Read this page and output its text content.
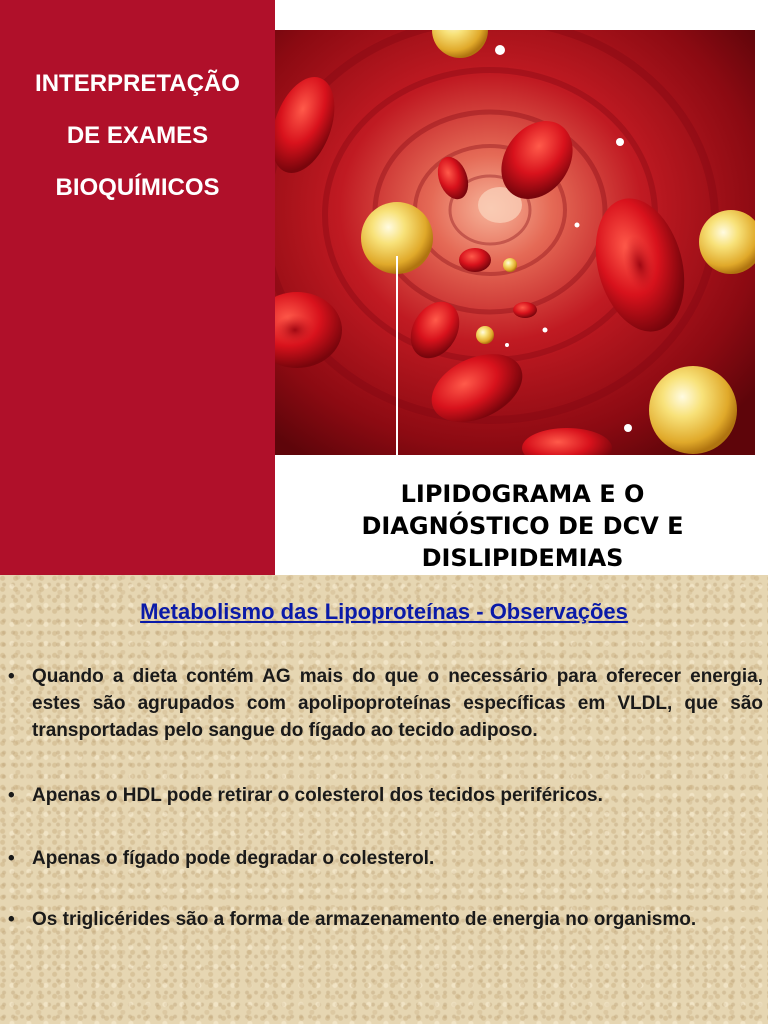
INTERPRETAÇÃO
DE EXAMES
BIOQUÍMICOS
LIPIDOGRAMA E O
DIAGNÓSTICO DE DCV E
DISLIPIDEMIAS
Metabolismo das Lipoproteínas - Observações
• Quando a dieta contém AG mais do que o necessário para oferecer energia, estes são agrupados com apolipoproteínas específicas em VLDL, que são transportadas pelo sangue do fígado ao tecido adiposo.
• Apenas o HDL pode retirar o colesterol dos tecidos periféricos.
• Apenas o fígado pode degradar o colesterol.
• Os triglicérides são a forma de armazenamento de energia no organismo.
